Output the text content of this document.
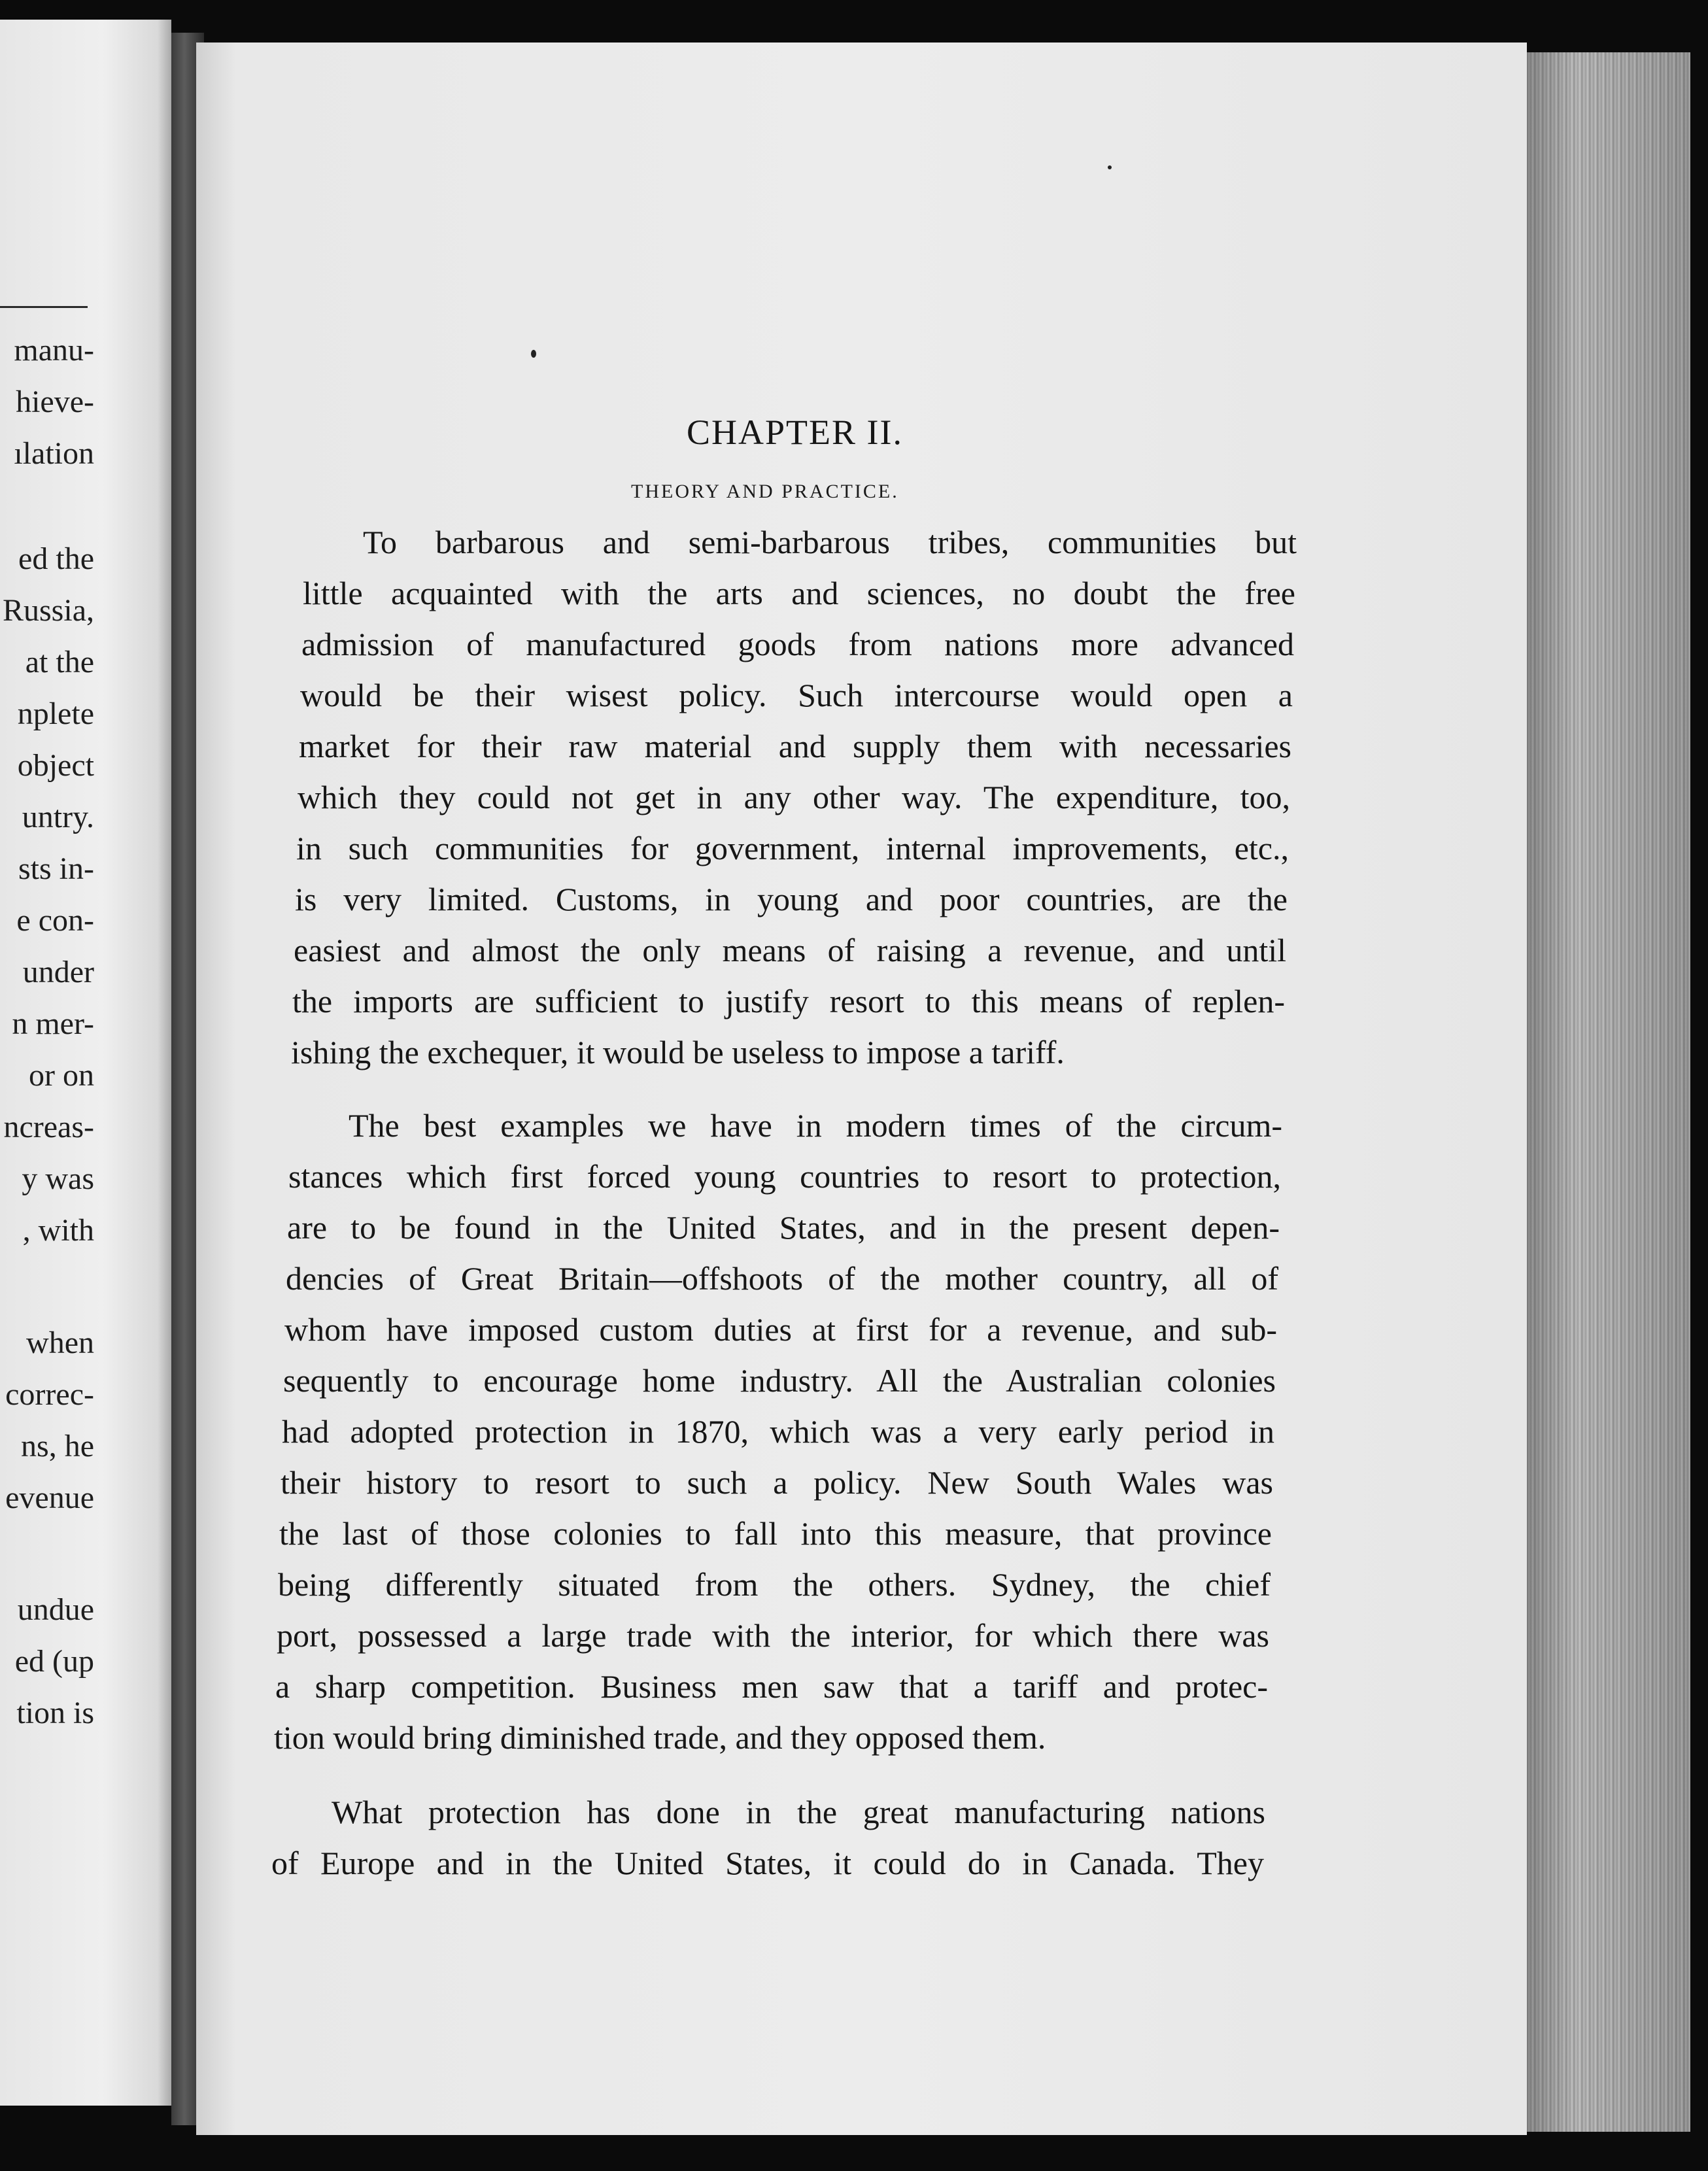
manu-
hieve-
ılation
ed the
Russia,
at the
nplete
object
untry.
sts in-
e con-
under
n mer-
or on
ncreas-
y was
, with
when
correc-
ns, he
evenue
undue
ed (up
tion is
CHAPTER II.
THEORY AND PRACTICE.
To barbarous and semi-barbarous tribes, communities but
little acquainted with the arts and sciences, no doubt the free
admission of manufactured goods from nations more advanced
would be their wisest policy. Such intercourse would open a
market for their raw material and supply them with necessaries
which they could not get in any other way. The expenditure, too,
in such communities for government, internal improvements, etc.,
is very limited. Customs, in young and poor countries, are the
easiest and almost the only means of raising a revenue, and until
the imports are sufficient to justify resort to this means of replen-
ishing the exchequer, it would be useless to impose a tariff.
The best examples we have in modern times of the circum-
stances which first forced young countries to resort to protection,
are to be found in the United States, and in the present depen-
dencies of Great Britain—offshoots of the mother country, all of
whom have imposed custom duties at first for a revenue, and sub-
sequently to encourage home industry. All the Australian colonies
had adopted protection in 1870, which was a very early period in
their history to resort to such a policy. New South Wales was
the last of those colonies to fall into this measure, that province
being differently situated from the others. Sydney, the chief
port, possessed a large trade with the interior, for which there was
a sharp competition. Business men saw that a tariff and protec-
tion would bring diminished trade, and they opposed them.
What protection has done in the great manufacturing nations
of Europe and in the United States, it could do in Canada. They
